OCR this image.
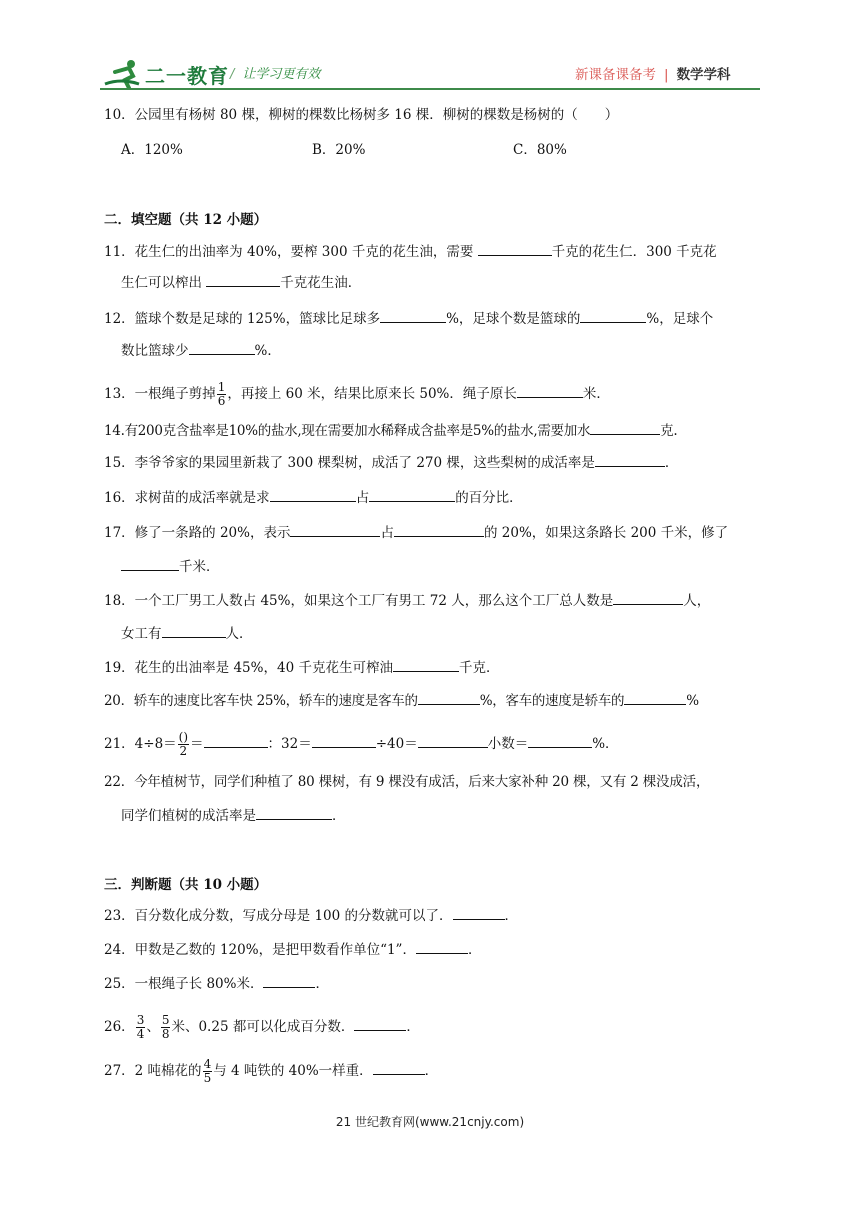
二一教育 / 让学习更有效	新课备课备考 | 数学学科
10．公园里有杨树 80 棵，柳树的棵数比杨树多 16 棵．柳树的棵数是杨树的（　　）
A．120%	B．20%	C．80%
二．填空题（共 12 小题）
11．花生仁的出油率为 40%，要榨 300 千克的花生油，需要	千克的花生仁．300 千克花
生仁可以榨出	千克花生油．
12．篮球个数是足球的 125%，篮球比足球多	%，足球个数是篮球的	%，足球个
数比篮球少	%．
13．一根绳子剪掉 $\frac{1}{6}$ ，再接上 60 米，结果比原来长 50%．绳子原长	米．
14.有200克含盐率是10%的盐水,现在需要加水稀释成含盐率是5%的盐水,需要加水	克.
15．李爷爷家的果园里新栽了 300 棵梨树，成活了 270 棵，这些梨树的成活率是	．
16．求树苗的成活率就是求	占	的百分比．
17．修了一条路的 20%，表示	占	的 20%，如果这条路长 200 千米，修了
千米．
18．一个工厂男工人数占 45%，如果这个工厂有男工 72 人，那么这个工厂总人数是	人，
女工有	人．
19．花生的出油率是 45%，40 千克花生可榨油	千克．
20．轿车的速度比客车快 25%，轿车的速度是客车的	%，客车的速度是轿车的	%
21．$4\div 8= \frac{()}{2}$ ＝	：32＝	÷40＝	小数＝	%．
22．今年植树节，同学们种植了 80 棵树，有 9 棵没有成活，后来大家补种 20 棵，又有 2 棵没成活，
同学们植树的成活率是	．
三．判断题（共 10 小题）
23．百分数化成分数，写成分母是 100 的分数就可以了．	．
24．甲数是乙数的 120%，是把甲数看作单位“1”．	．
25．一根绳子长 80%米．	．
26． $\frac{3}{4}$ 、 $\frac{5}{8}$ 米、0.25 都可以化成百分数．	．
27．2 吨棉花的 $\frac{4}{5}$ 与 4 吨铁的 40%一样重．	．
21 世纪教育网(www.21cnjy.com)
